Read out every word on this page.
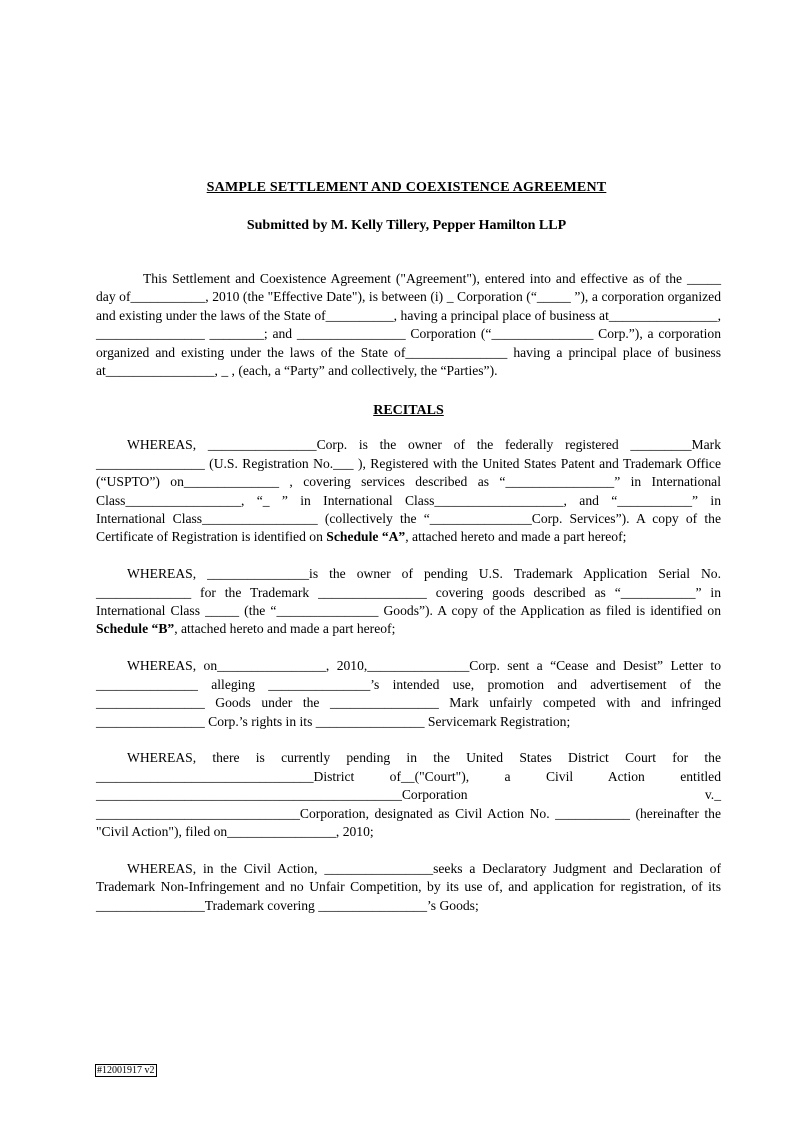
SAMPLE SETTLEMENT AND COEXISTENCE AGREEMENT
Submitted by M. Kelly Tillery, Pepper Hamilton LLP

This Settlement and Coexistence Agreement ("Agreement"), entered into and effective as of the _____ day of___________, 2010 (the "Effective Date"), is between (i) _ Corporation (“_____ ”), a corporation organized and existing under the laws of the State of__________, having a principal place of business at________________, ________________ ________; and ________________ Corporation (“_______________ Corp.”), a corporation organized and existing under the laws of the State of_______________ having a principal place of business at________________, _ , (each, a “Party” and collectively, the “Parties”).

RECITALS

WHEREAS, ________________Corp. is the owner of the federally registered _________Mark ________________ (U.S. Registration No.___ ), Registered with the United States Patent and Trademark Office (“USPTO”) on______________ , covering services described as “________________” in International Class_________________, “_ ” in International Class___________________, and “___________” in International Class_________________ (collectively the “_______________Corp. Services”). A copy of the Certificate of Registration is identified on Schedule “A”, attached hereto and made a part hereof;

WHEREAS, _______________is the owner of pending U.S. Trademark Application Serial No. ______________ for the Trademark ________________ covering goods described as “___________” in International Class _____ (the “_______________ Goods”). A copy of the Application as filed is identified on Schedule “B”, attached hereto and made a part hereof;

WHEREAS, on________________, 2010,_______________Corp. sent a “Cease and Desist” Letter to _______________ alleging _______________’s intended use, promotion and advertisement of the ________________ Goods under the ________________ Mark unfairly competed with and infringed ________________ Corp.’s rights in its ________________ Servicemark Registration;

WHEREAS, there is currently pending in the United States District Court for the ________________________________District of__("Court"), a Civil Action entitled _____________________________________________Corporation v._ ______________________________Corporation, designated as Civil Action No. ___________ (hereinafter the "Civil Action"), filed on________________, 2010;

WHEREAS, in the Civil Action, ________________seeks a Declaratory Judgment and Declaration of Trademark Non-Infringement and no Unfair Competition, by its use of, and application for registration, of its ________________Trademark covering ________________’s Goods;

#12001917 v2
